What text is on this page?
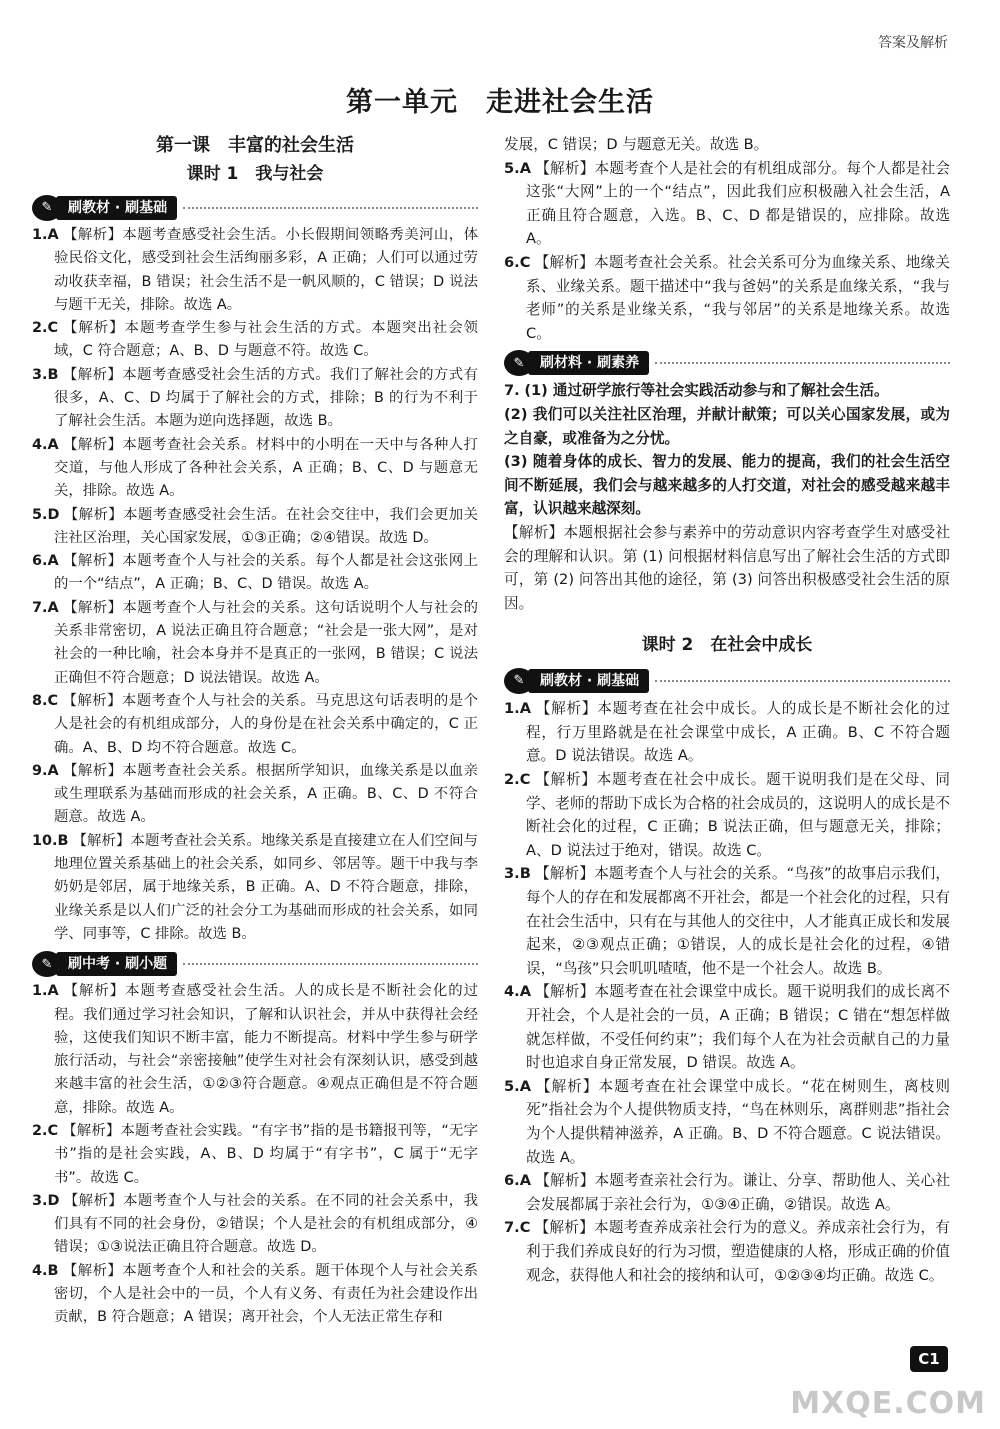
答案及解析
第一单元　走进社会生活
第一课　丰富的社会生活
课时 1　我与社会
✎	刷教材 · 刷基础

1.A 【解析】本题考查感受社会生活。小长假期间领略秀美河山，体验民俗文化，感受到社会生活绚丽多彩，A 正确；人们可以通过劳动收获幸福，B 错误；社会生活不是一帆风顺的，C 错误；D 说法与题干无关，排除。故选 A。

2.C 【解析】本题考查学生参与社会生活的方式。本题突出社会领域，C 符合题意；A、B、D 与题意不符。故选 C。

3.B 【解析】本题考查感受社会生活的方式。我们了解社会的方式有很多，A、C、D 均属于了解社会的方式，排除；B 的行为不利于了解社会生活。本题为逆向选择题，故选 B。

4.A 【解析】本题考查社会关系。材料中的小明在一天中与各种人打交道，与他人形成了各种社会关系，A 正确；B、C、D 与题意无关，排除。故选 A。

5.D 【解析】本题考查感受社会生活。在社会交往中，我们会更加关注社区治理，关心国家发展，①③正确；②④错误。故选 D。

6.A 【解析】本题考查个人与社会的关系。每个人都是社会这张网上的一个“结点”，A 正确；B、C、D 错误。故选 A。

7.A 【解析】本题考查个人与社会的关系。这句话说明个人与社会的关系非常密切，A 说法正确且符合题意；“社会是一张大网”，是对社会的一种比喻，社会本身并不是真正的一张网，B 错误；C 说法正确但不符合题意；D 说法错误。故选 A。

8.C 【解析】本题考查个人与社会的关系。马克思这句话表明的是个人是社会的有机组成部分，人的身份是在社会关系中确定的，C 正确。A、B、D 均不符合题意。故选 C。

9.A 【解析】本题考查社会关系。根据所学知识，血缘关系是以血亲或生理联系为基础而形成的社会关系，A 正确。B、C、D 不符合题意。故选 A。

10.B 【解析】本题考查社会关系。地缘关系是直接建立在人们空间与地理位置关系基础上的社会关系，如同乡、邻居等。题干中我与李奶奶是邻居，属于地缘关系，B 正确。A、D 不符合题意，排除，业缘关系是以人们广泛的社会分工为基础而形成的社会关系，如同学、同事等，C 排除。故选 B。

✎	刷中考 · 刷小题

1.A 【解析】本题考查感受社会生活。人的成长是不断社会化的过程。我们通过学习社会知识，了解和认识社会，并从中获得社会经验，这使我们知识不断丰富，能力不断提高。材料中学生参与研学旅行活动，与社会“亲密接触”使学生对社会有深刻认识，感受到越来越丰富的社会生活，①②③符合题意。④观点正确但是不符合题意，排除。故选 A。

2.C 【解析】本题考查社会实践。“有字书”指的是书籍报刊等，“无字书”指的是社会实践，A、B、D 均属于“有字书”，C 属于“无字书”。故选 C。

3.D 【解析】本题考查个人与社会的关系。在不同的社会关系中，我们具有不同的社会身份，②错误；个人是社会的有机组成部分，④错误；①③说法正确且符合题意。故选 D。

4.B 【解析】本题考查个人和社会的关系。题干体现个人与社会关系密切，个人是社会中的一员，个人有义务、有责任为社会建设作出贡献，B 符合题意；A 错误；离开社会，个人无法正常生存和

发展，C 错误；D 与题意无关。故选 B。

5.A 【解析】本题考查个人是社会的有机组成部分。每个人都是社会这张“大网”上的一个“结点”，因此我们应积极融入社会生活，A 正确且符合题意，入选。B、C、D 都是错误的，应排除。故选 A。

6.C 【解析】本题考查社会关系。社会关系可分为血缘关系、地缘关系、业缘关系。题干描述中“我与爸妈”的关系是血缘关系，“我与老师”的关系是业缘关系，“我与邻居”的关系是地缘关系。故选 C。

✎	刷材料 · 刷素养
7. (1) 通过研学旅行等社会实践活动参与和了解社会生活。

(2) 我们可以关注社区治理，并献计献策；可以关心国家发展，或为之自豪，或准备为之分忧。

(3) 随着身体的成长、智力的发展、能力的提高，我们的社会生活空间不断延展，我们会与越来越多的人打交道，对社会的感受越来越丰富，认识越来越深刻。

【解析】本题根据社会参与素养中的劳动意识内容考查学生对感受社会的理解和认识。第 (1) 问根据材料信息写出了解社会生活的方式即可，第 (2) 问答出其他的途径，第 (3) 问答出积极感受社会生活的原因。

课时 2　在社会中成长
✎	刷教材 · 刷基础

1.A 【解析】本题考查在社会中成长。人的成长是不断社会化的过程，行万里路就是在社会课堂中成长，A 正确。B、C 不符合题意。D 说法错误。故选 A。

2.C 【解析】本题考查在社会中成长。题干说明我们是在父母、同学、老师的帮助下成长为合格的社会成员的，这说明人的成长是不断社会化的过程，C 正确；B 说法正确，但与题意无关，排除；A、D 说法过于绝对，错误。故选 C。

3.B 【解析】本题考查个人与社会的关系。“鸟孩”的故事启示我们，每个人的存在和发展都离不开社会，都是一个社会化的过程，只有在社会生活中，只有在与其他人的交往中，人才能真正成长和发展起来，②③观点正确；①错误，人的成长是社会化的过程，④错误，“鸟孩”只会叽叽喳喳，他不是一个社会人。故选 B。

4.A 【解析】本题考查在社会课堂中成长。题干说明我们的成长离不开社会，个人是社会的一员，A 正确；B 错误；C 错在“想怎样做就怎样做，不受任何约束”；我们每个人在为社会贡献自己的力量时也追求自身正常发展，D 错误。故选 A。

5.A 【解析】本题考查在社会课堂中成长。“花在树则生，离枝则死”指社会为个人提供物质支持，“鸟在林则乐，离群则悲”指社会为个人提供精神滋养，A 正确。B、D 不符合题意。C 说法错误。故选 A。

6.A 【解析】本题考查亲社会行为。谦让、分享、帮助他人、关心社会发展都属于亲社会行为，①③④正确，②错误。故选 A。

7.C 【解析】本题考查养成亲社会行为的意义。养成亲社会行为，有利于我们养成良好的行为习惯，塑造健康的人格，形成正确的价值观念，获得他人和社会的接纳和认可，①②③④均正确。故选 C。

C1
MXQE.COM
